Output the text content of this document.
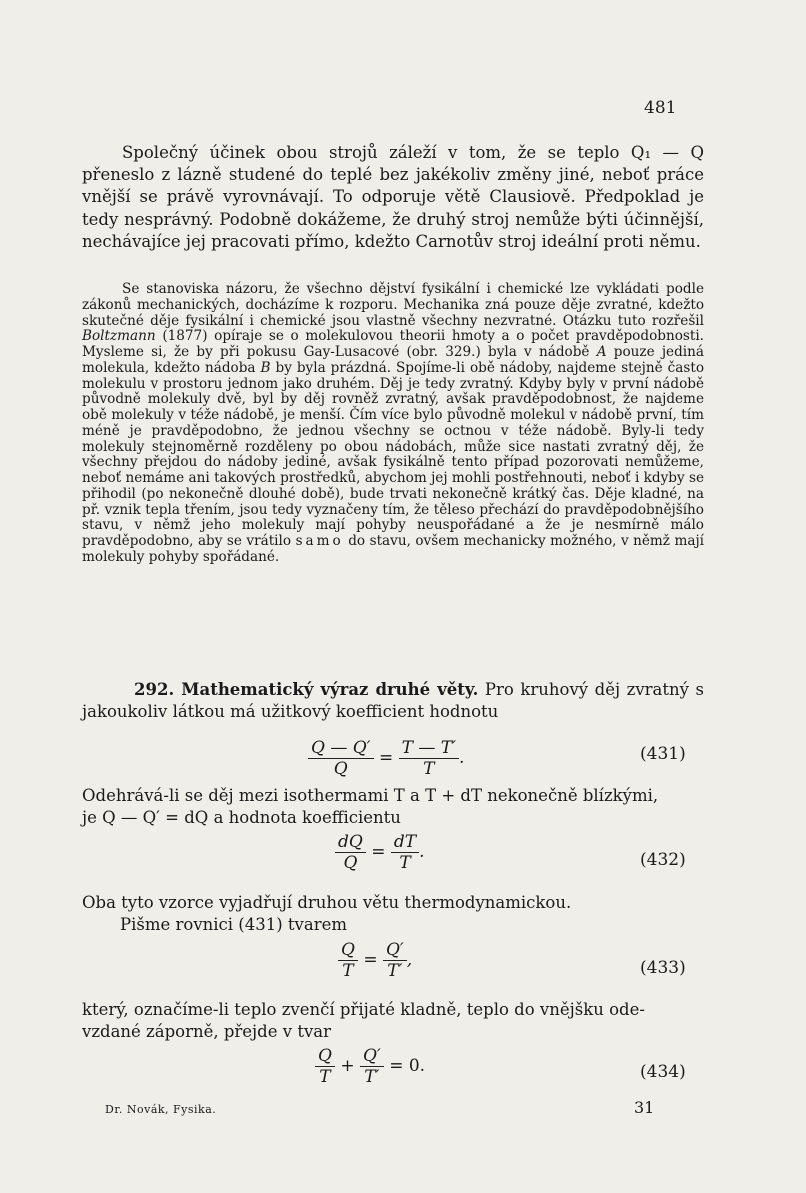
481
Společný účinek obou strojů záleží v tom, že se teplo Q₁ — Q přeneslo z lázně studené do teplé bez jakékoliv změny jiné, neboť práce vnější se právě vyrovnávají. To odporuje větě Clausiově. Předpoklad je tedy nesprávný. Podobně dokážeme, že druhý stroj nemůže býti účinnější, nechávajíce jej pracovati přímo, kdežto Carnotův stroj ideální proti němu.
Se stanoviska názoru, že všechno dějství fysikální i chemické lze vykládati podle zákonů mechanických, docházíme k rozporu. Mechanika zná pouze děje zvratné, kdežto skutečné děje fysikální i chemické jsou vlastně všechny nezvratné. Otázku tuto rozřešil Boltzmann (1877) opíraje se o molekulovou theorii hmoty a o počet pravděpodobnosti. Mysleme si, že by při pokusu Gay-Lusacové (obr. 329.) byla v nádobě A pouze jediná molekula, kdežto nádoba B by byla prázdná. Spojíme-li obě nádoby, najdeme stejně často molekulu v prostoru jednom jako druhém. Děj je tedy zvratný. Kdyby byly v první nádobě původně molekuly dvě, byl by děj rovněž zvratný, avšak pravděpodobnost, že najdeme obě molekuly v téže nádobě, je menší. Čím více bylo původně molekul v nádobě první, tím méně je pravděpodobno, že jednou všechny se octnou v téže nádobě. Byly-li tedy molekuly stejnoměrně rozděleny po obou nádobách, může sice nastati zvratný děj, že všechny přejdou do nádoby jediné, avšak fysikálně tento případ pozorovati nemůžeme, neboť nemáme ani takových prostředků, abychom jej mohli postřehnouti, neboť i kdyby se přihodil (po nekonečně dlouhé době), bude trvati nekonečně krátký čas. Děje kladné, na př. vznik tepla třením, jsou tedy vyznačeny tím, že těleso přechází do pravděpodobnějšího stavu, v němž jeho molekuly mají pohyby neuspořádané a že je nesmírně málo pravděpodobno, aby se vrátilo samo do stavu, ovšem mechanicky možného, v němž mají molekuly pohyby spořádané.
292. Mathematický výraz druhé věty. Pro kruhový děj zvratný s jakoukoliv látkou má užitkový koefficient hodnotu
$\frac{Q — Q'}{Q} = \frac{T — T'}{T}$ .	(431)
Odehrává-li se děj mezi isothermami T a T + dT nekonečně blízkými,
je Q — Q′ = dQ a hodnota koefficientu
$\frac{dQ}{Q} = \frac{dT}{T}$ .	(432)
Oba tyto vzorce vyjadřují druhou větu thermodynamickou.
Pišme rovnici (431) tvarem
$\frac{Q}{T} = \frac{Q'}{T'}$ ,	(433)
který, označíme-li teplo zvenčí přijaté kladně, teplo do vnějšku ode-
vzdané záporně, přejde v tvar
$\frac{Q}{T} + \frac{Q'}{T'} = 0$.	(434)
Dr. Novák, Fysika.	31
